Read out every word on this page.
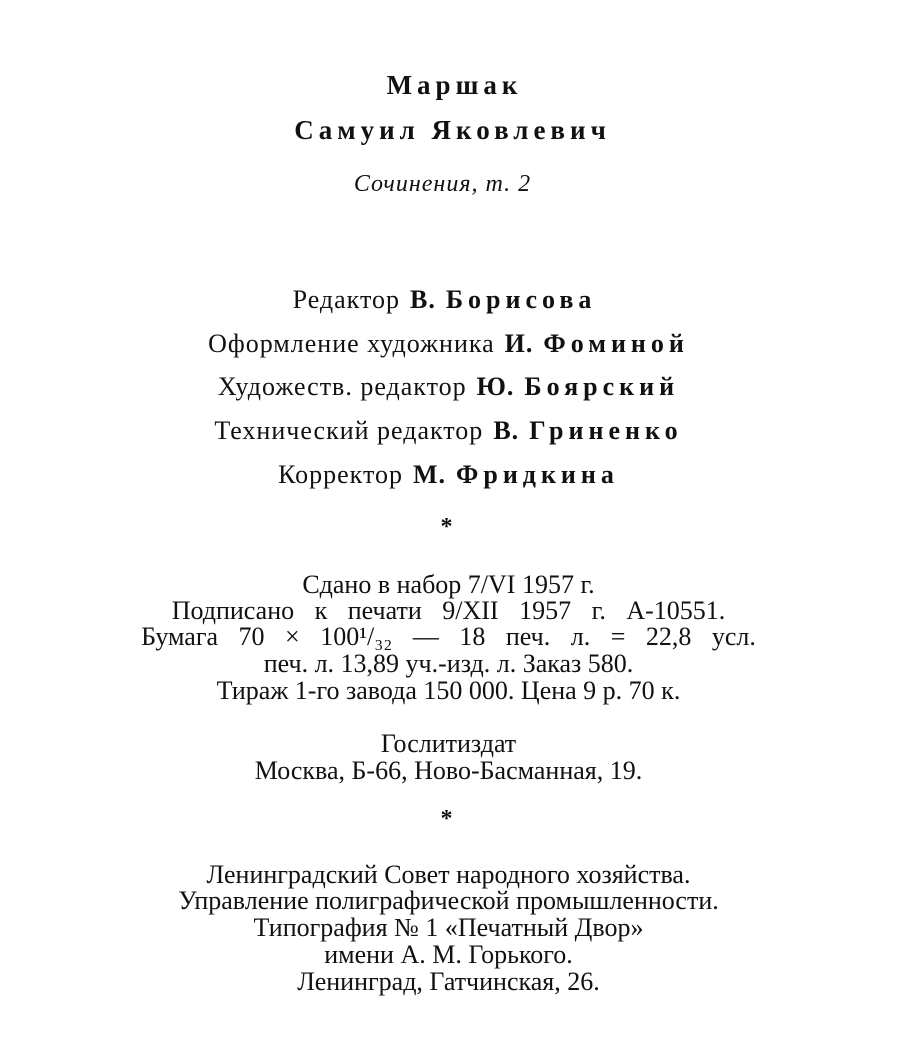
Маршак
Самуил Яковлевич
Сочинения, т. 2
Редактор В. Борисова
Оформление художника И. Фоминой
Художеств. редактор Ю. Боярский
Технический редактор В. Гриненко
Корректор М. Фридкина
*
Сдано в набор 7/VI 1957 г.
Подписано к печати 9/XII 1957 г. А-10551.
Бумага 70 × 100¹/₃₂ — 18 печ. л. = 22,8 усл.
печ. л. 13,89 уч.-изд. л. Заказ 580.
Тираж 1-го завода 150 000. Цена 9 р. 70 к.
Гослитиздат
Москва, Б-66, Ново-Басманная, 19.
*
Ленинградский Совет народного хозяйства.
Управление полиграфической промышленности.
Типография № 1 «Печатный Двор»
имени А. М. Горького.
Ленинград, Гатчинская, 26.
